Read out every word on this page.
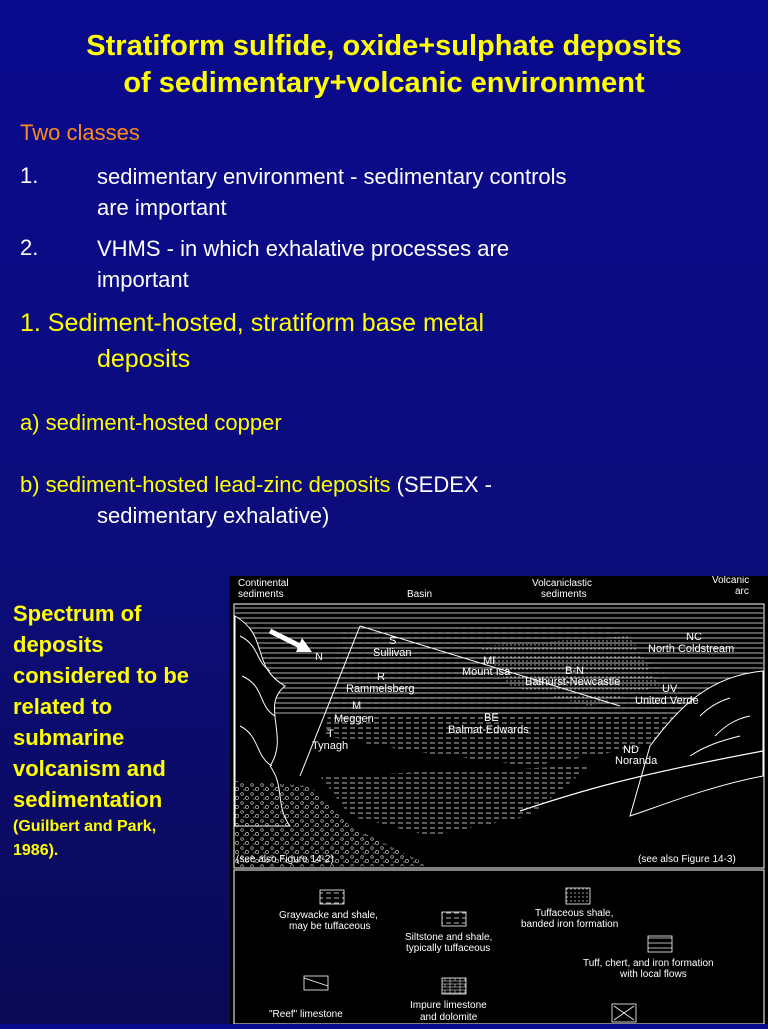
Stratiform sulfide, oxide+sulphate deposits
of sedimentary+volcanic environment
Two classes
1.	sedimentary environment - sedimentary controls
are important
2.	VHMS - in which exhalative processes are
important
1. Sediment-hosted, stratiform base metal
deposits
a) sediment-hosted copper
b) sediment-hosted lead-zinc deposits (SEDEX -
sedimentary exhalative)
Spectrum of
deposits
considered to be
related to
submarine
volcanism and
sedimentation
(Guilbert and Park,
1986).
Continental
sediments	Basin
Volcaniclastic
sediments
Volcanic
arc
N
S
Sullivan
MI
Mount Isa	B-N
Bathurst-Newcastle
NC
North Coldstream
R
Rammelsberg
M
Meggen	BE
Balmat-Edwards
UV
United Verde
T
Tynagh	ND
Noranda
(see also Figure 14-2)	(see also Figure 14-3)
Graywacke and shale,
may be tuffaceous
Siltstone and shale,
typically tuffaceous
Tuffaceous shale,
banded iron formation
Tuff, chert, and iron formation
with local flows
"Reef" limestone
Impure limestone
and dolomite
